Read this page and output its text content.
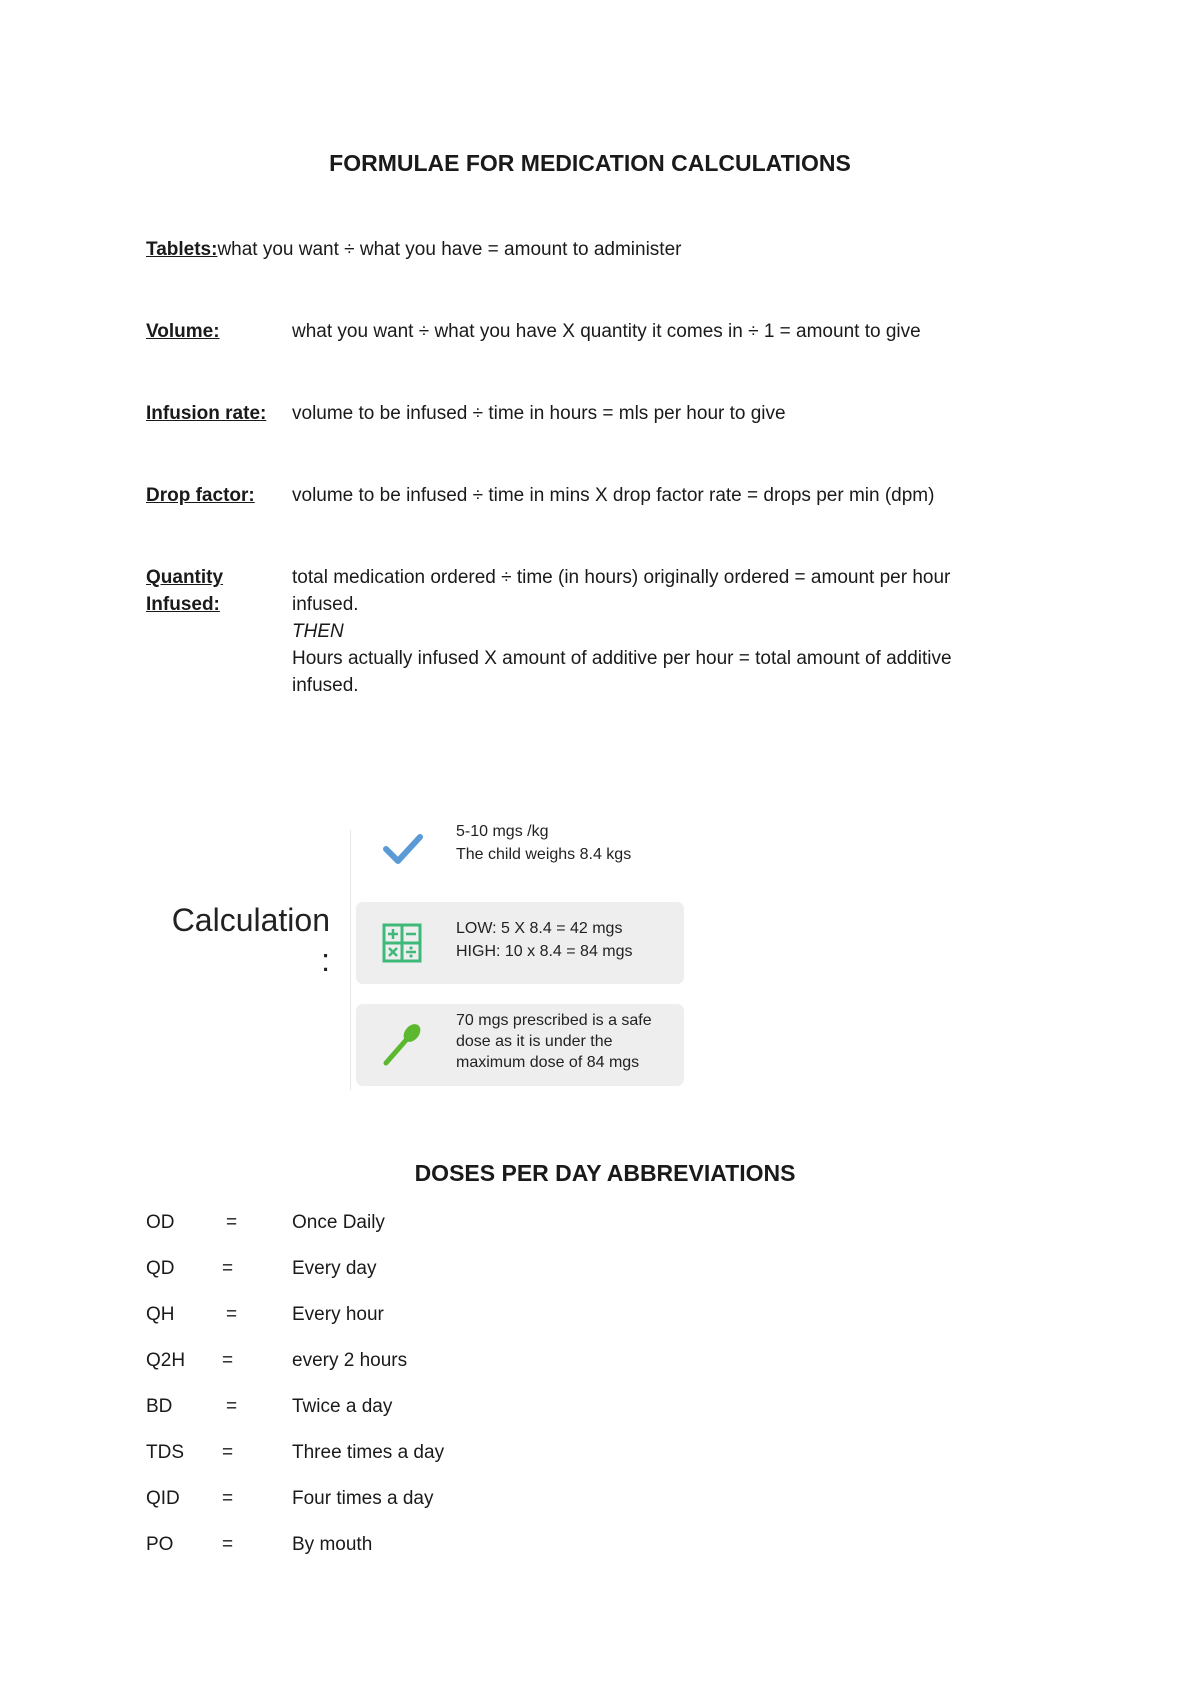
FORMULAE FOR MEDICATION CALCULATIONS
Tablets:what you want ÷ what you have = amount to administer
Volume:	what you want ÷ what you have X quantity it comes in ÷ 1 = amount to give
Infusion rate:	volume to be infused ÷ time in hours = mls per hour to give
Drop factor:	volume to be infused ÷ time in mins X drop factor rate = drops per min (dpm)
Quantity
Infused:
total medication ordered ÷ time (in hours) originally ordered = amount per hour
infused.
THEN
Hours actually infused X amount of additive per hour = total amount of additive
infused.
Calculation
:
5-10 mgs /kg
The child weighs 8.4 kgs
LOW: 5 X 8.4 = 42 mgs
HIGH: 10 x 8.4 = 84 mgs
70 mgs prescribed is a safe
dose as it is under the
maximum dose of 84 mgs
DOSES PER DAY ABBREVIATIONS
OD	=	Once Daily
QD	=	Every day
QH	=	Every hour
Q2H	=	every 2 hours
BD	=	Twice a day
TDS	=	Three times a day
QID	=	Four times a day
PO	=	By mouth
